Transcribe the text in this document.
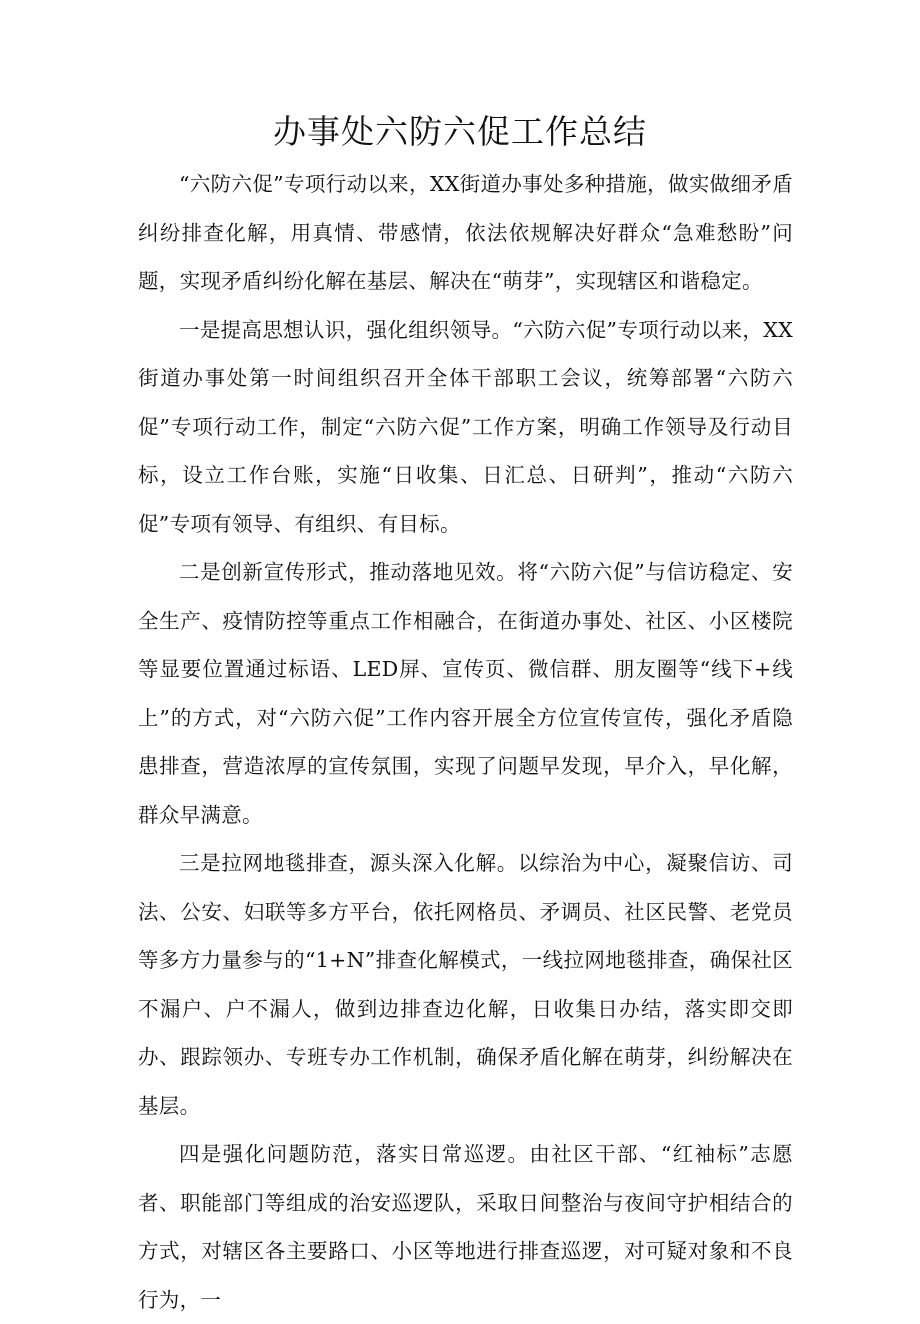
办事处六防六促工作总结

“六防六促”专项行动以来，XX街道办事处多种措施，做实做细矛盾纠纷排查化解，用真情、带感情，依法依规解决好群众“急难愁盼”问题，实现矛盾纠纷化解在基层、解决在“萌芽”，实现辖区和谐稳定。

一是提高思想认识，强化组织领导。“六防六促”专项行动以来，XX街道办事处第一时间组织召开全体干部职工会议，统筹部署“六防六促”专项行动工作，制定“六防六促”工作方案，明确工作领导及行动目标，设立工作台账，实施“日收集、日汇总、日研判”，推动“六防六促”专项有领导、有组织、有目标。

二是创新宣传形式，推动落地见效。将“六防六促”与信访稳定、安全生产、疫情防控等重点工作相融合，在街道办事处、社区、小区楼院等显要位置通过标语、LED屏、宣传页、微信群、朋友圈等“线下+线上”的方式，对“六防六促”工作内容开展全方位宣传宣传，强化矛盾隐患排查，营造浓厚的宣传氛围，实现了问题早发现，早介入，早化解，群众早满意。

三是拉网地毯排查，源头深入化解。以综治为中心，凝聚信访、司法、公安、妇联等多方平台，依托网格员、矛调员、社区民警、老党员等多方力量参与的“1+N”排查化解模式，一线拉网地毯排查，确保社区不漏户、户不漏人，做到边排查边化解，日收集日办结，落实即交即办、跟踪领办、专班专办工作机制，确保矛盾化解在萌芽，纠纷解决在基层。

四是强化问题防范，落实日常巡逻。由社区干部、“红袖标”志愿者、职能部门等组成的治安巡逻队，采取日间整治与夜间守护相结合的方式，对辖区各主要路口、小区等地进行排查巡逻，对可疑对象和不良行为，一
